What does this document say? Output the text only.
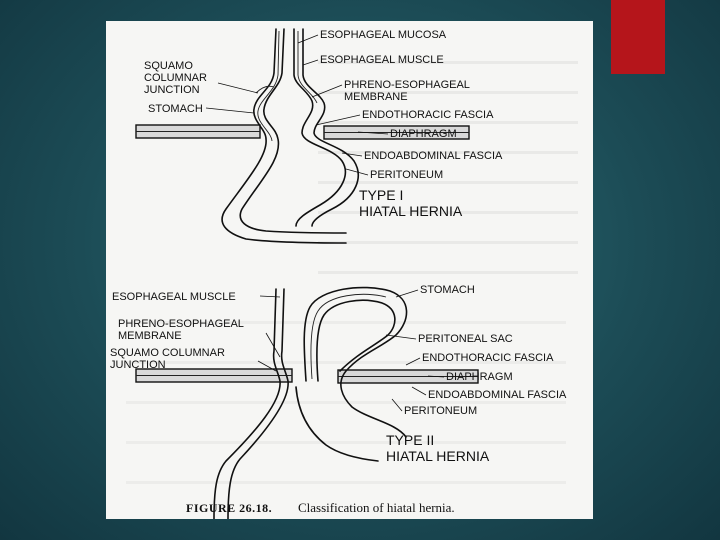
ESOPHAGEAL MUCOSA
ESOPHAGEAL MUSCLE
SQUAMO
COLUMNAR
JUNCTION
STOMACH
PHRENO-ESOPHAGEAL
MEMBRANE
ENDOTHORACIC FASCIA
DIAPHRAGM
ENDOABDOMINAL FASCIA
PERITONEUM
TYPE I
HIATAL HERNIA
ESOPHAGEAL MUSCLE
STOMACH
PHRENO-ESOPHAGEAL
MEMBRANE
SQUAMO COLUMNAR
JUNCTION
PERITONEAL SAC
ENDOTHORACIC FASCIA
DIAPHRAGM
ENDOABDOMINAL FASCIA
PERITONEUM
TYPE II
HIATAL HERNIA
FIGURE 26.18. Classification of hiatal hernia.
